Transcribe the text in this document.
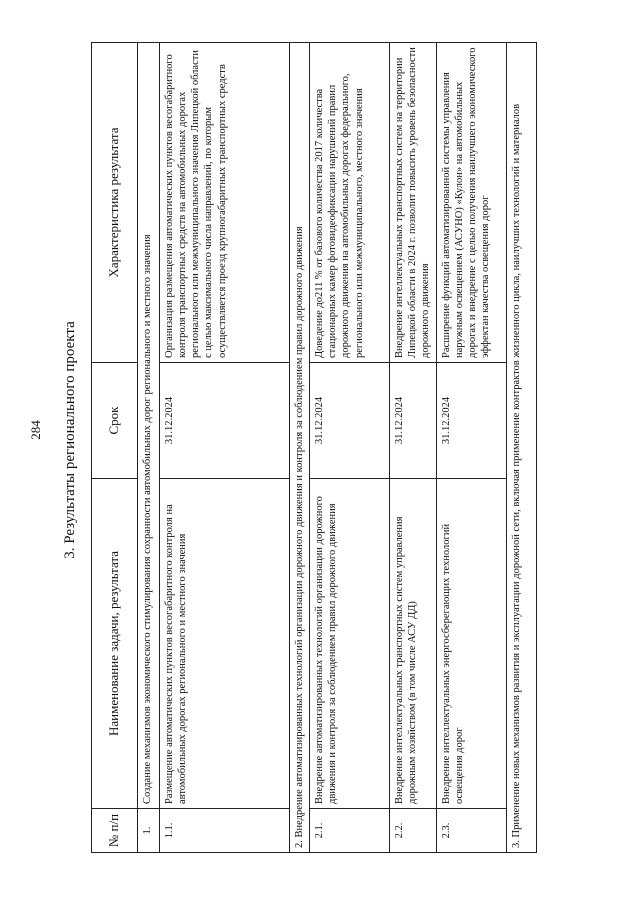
284	3. Результаты регионального проекта
№ п/п	Наименование задачи, результата	Срок	Характеристика результата
1.	Создание механизмов экономического стимулирования сохранности автомобильных дорог регионального и местного значения		
1.1.	Размещение автоматических пунктов весогабаритного контроля на автомобильных дорогах регионального и местного значения	31.12.2024	Организация размещения автоматических пунктов весогабаритного контроля транспортных средств на автомобильных дорогах регионального или межмуниципального значения Липецкой области с целью максимального числа направлений, по которым осуществляется проезд крупногабаритных транспортных средств
2. Внедрение автоматизированных технологий организации дорожного движения и контроля за соблюдением правил дорожного движения			
2.1.	Внедрение автоматизированных технологий организации дорожного движения и контроля за соблюдением правил дорожного движения	31.12.2024	Доведение до211 % от базового количества 2017 количества стационарных камер фотовидеофиксации нарушений правил дорожного движения на автомобильных дорогах федерального, регионального или межмуниципального, местного значения
2.2.	Внедрение интеллектуальных транспортных систем управления дорожным хозяйством (в том числе АСУ ДД)	31.12.2024	Внедрение интеллектуальных транспортных систем на территории Липецкой области в 2024 г. позволит повысить уровень безопасности дорожного движения
2.3.	Внедрение интеллектуальных энергосберегающих технологий освещения дорог	31.12.2024	Расширение функций автоматизированной системы управления наружным освещением (АСУНО) «Кулон» на автомобильных дорогах и внедрение с целью получения наилучшего экономического эффектан качества освещения дорог
3. Применение новых механизмов развития и эксплуатации дорожной сети, включая применение контрактов жизненного цикла, наилучших технологий и материалов			
